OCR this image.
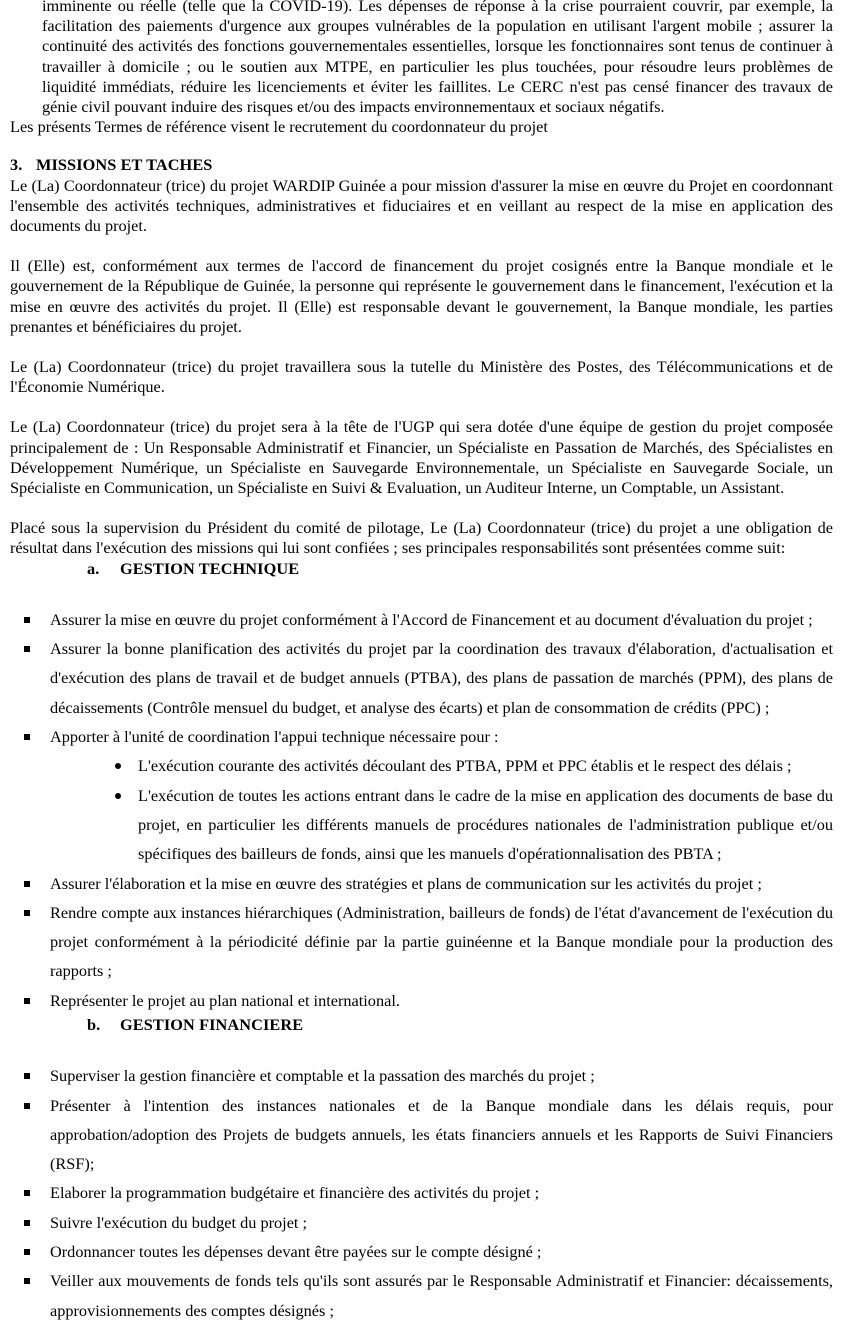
imminente ou réelle (telle que la COVID-19). Les dépenses de réponse à la crise pourraient couvrir, par exemple, la facilitation des paiements d'urgence aux groupes vulnérables de la population en utilisant l'argent mobile ; assurer la continuité des activités des fonctions gouvernementales essentielles, lorsque les fonctionnaires sont tenus de continuer à travailler à domicile ; ou le soutien aux MTPE, en particulier les plus touchées, pour résoudre leurs problèmes de liquidité immédiats, réduire les licenciements et éviter les faillites. Le CERC n'est pas censé financer des travaux de génie civil pouvant induire des risques et/ou des impacts environnementaux et sociaux négatifs.

Les présents Termes de référence visent le recrutement du coordonnateur du projet

3. MISSIONS ET TACHES

Le (La) Coordonnateur (trice) du projet WARDIP Guinée a pour mission d'assurer la mise en œuvre du Projet en coordonnant l'ensemble des activités techniques, administratives et fiduciaires et en veillant au respect de la mise en application des documents du projet.

Il (Elle) est, conformément aux termes de l'accord de financement du projet cosignés entre la Banque mondiale et le gouvernement de la République de Guinée, la personne qui représente le gouvernement dans le financement, l'exécution et la mise en œuvre des activités du projet. Il (Elle) est responsable devant le gouvernement, la Banque mondiale, les parties prenantes et bénéficiaires du projet.

Le (La) Coordonnateur (trice) du projet travaillera sous la tutelle du Ministère des Postes, des Télécommunications et de l'Économie Numérique.

Le (La) Coordonnateur (trice) du projet sera à la tête de l'UGP qui sera dotée d'une équipe de gestion du projet composée principalement de : Un Responsable Administratif et Financier, un Spécialiste en Passation de Marchés, des Spécialistes en Développement Numérique, un Spécialiste en Sauvegarde Environnementale, un Spécialiste en Sauvegarde Sociale, un Spécialiste en Communication, un Spécialiste en Suivi & Evaluation, un Auditeur Interne, un Comptable, un Assistant.

Placé sous la supervision du Président du comité de pilotage, Le (La) Coordonnateur (trice) du projet a une obligation de résultat dans l'exécution des missions qui lui sont confiées ; ses principales responsabilités sont présentées comme suit:

a. GESTION TECHNIQUE
Assurer la mise en œuvre du projet conformément à l'Accord de Financement et au document d'évaluation du projet ;
Assurer la bonne planification des activités du projet par la coordination des travaux d'élaboration, d'actualisation et d'exécution des plans de travail et de budget annuels (PTBA), des plans de passation de marchés (PPM), des plans de décaissements (Contrôle mensuel du budget, et analyse des écarts) et plan de consommation de crédits (PPC) ;
Apporter à l'unité de coordination l'appui technique nécessaire pour :
L'exécution courante des activités découlant des PTBA, PPM et PPC établis et le respect des délais ;
L'exécution de toutes les actions entrant dans le cadre de la mise en application des documents de base du projet, en particulier les différents manuels de procédures nationales de l'administration publique et/ou spécifiques des bailleurs de fonds, ainsi que les manuels d'opérationnalisation des PBTA ;
Assurer l'élaboration et la mise en œuvre des stratégies et plans de communication sur les activités du projet ;
Rendre compte aux instances hiérarchiques (Administration, bailleurs de fonds) de l'état d'avancement de l'exécution du projet conformément à la périodicité définie par la partie guinéenne et la Banque mondiale pour la production des rapports ;
Représenter le projet au plan national et international.
b. GESTION FINANCIERE
Superviser la gestion financière et comptable et la passation des marchés du projet ;
Présenter à l'intention des instances nationales et de la Banque mondiale dans les délais requis, pour approbation/adoption des Projets de budgets annuels, les états financiers annuels et les Rapports de Suivi Financiers (RSF);
Elaborer la programmation budgétaire et financière des activités du projet ;
Suivre l'exécution du budget du projet ;
Ordonnancer toutes les dépenses devant être payées sur le compte désigné ;
Veiller aux mouvements de fonds tels qu'ils sont assurés par le Responsable Administratif et Financier: décaissements, approvisionnements des comptes désignés ;
